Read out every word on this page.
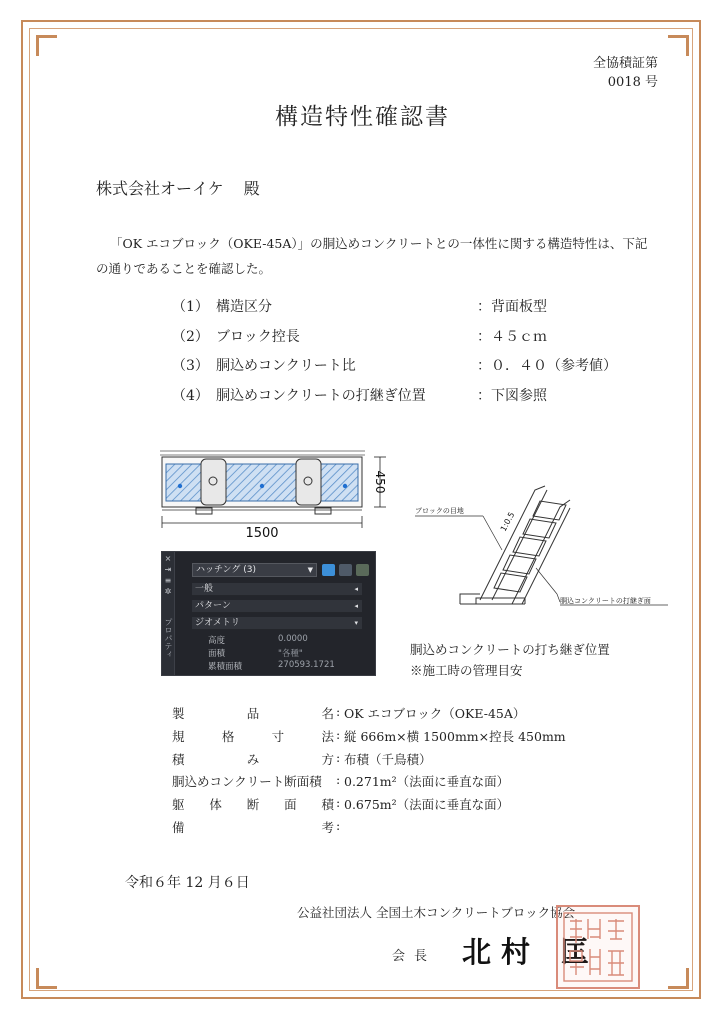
全協積証第
0018 号
構造特性確認書
株式会社オーイケ 殿
「OK エコブロック（OKE-45A）」の胴込めコンクリートとの一体性に関する構造特性は、下記の通りであることを確認した。
（1） 構造区分	：背面板型
（2） ブロック控長	：４５ｃｍ
（3） 胴込めコンクリート比	：０．４０（参考値）
（4） 胴込めコンクリートの打継ぎ位置	：下図参照
1500
450
×
⇥
≡
✲
プロパティ
ハッチング (3)	▼
一般	◂
パターン	◂
ジオメトリ	▾
高度	0.0000
面積	"各種"
累積面積	270593.1721
ブロックの目地	1:0.5
胴込コンクリートの打継ぎ面
胴込めコンクリートの打ち継ぎ位置
※施工時の管理目安
製	品	名 : OK エコブロック（OKE-45A）
規	格	寸	法 : 縦 666m×横 1500mm×控長 450mm
積	み	方 : 布積（千鳥積）
胴込めコンクリート断面積	: 0.271m²（法面に垂直な面）
躯 体 断 面 積 : 0.675m²（法面に垂直な面）
備	考 :
令和６年 12 月６日
公益社団法人 全国土木コンクリートブロック協会
会長 北村 匡
